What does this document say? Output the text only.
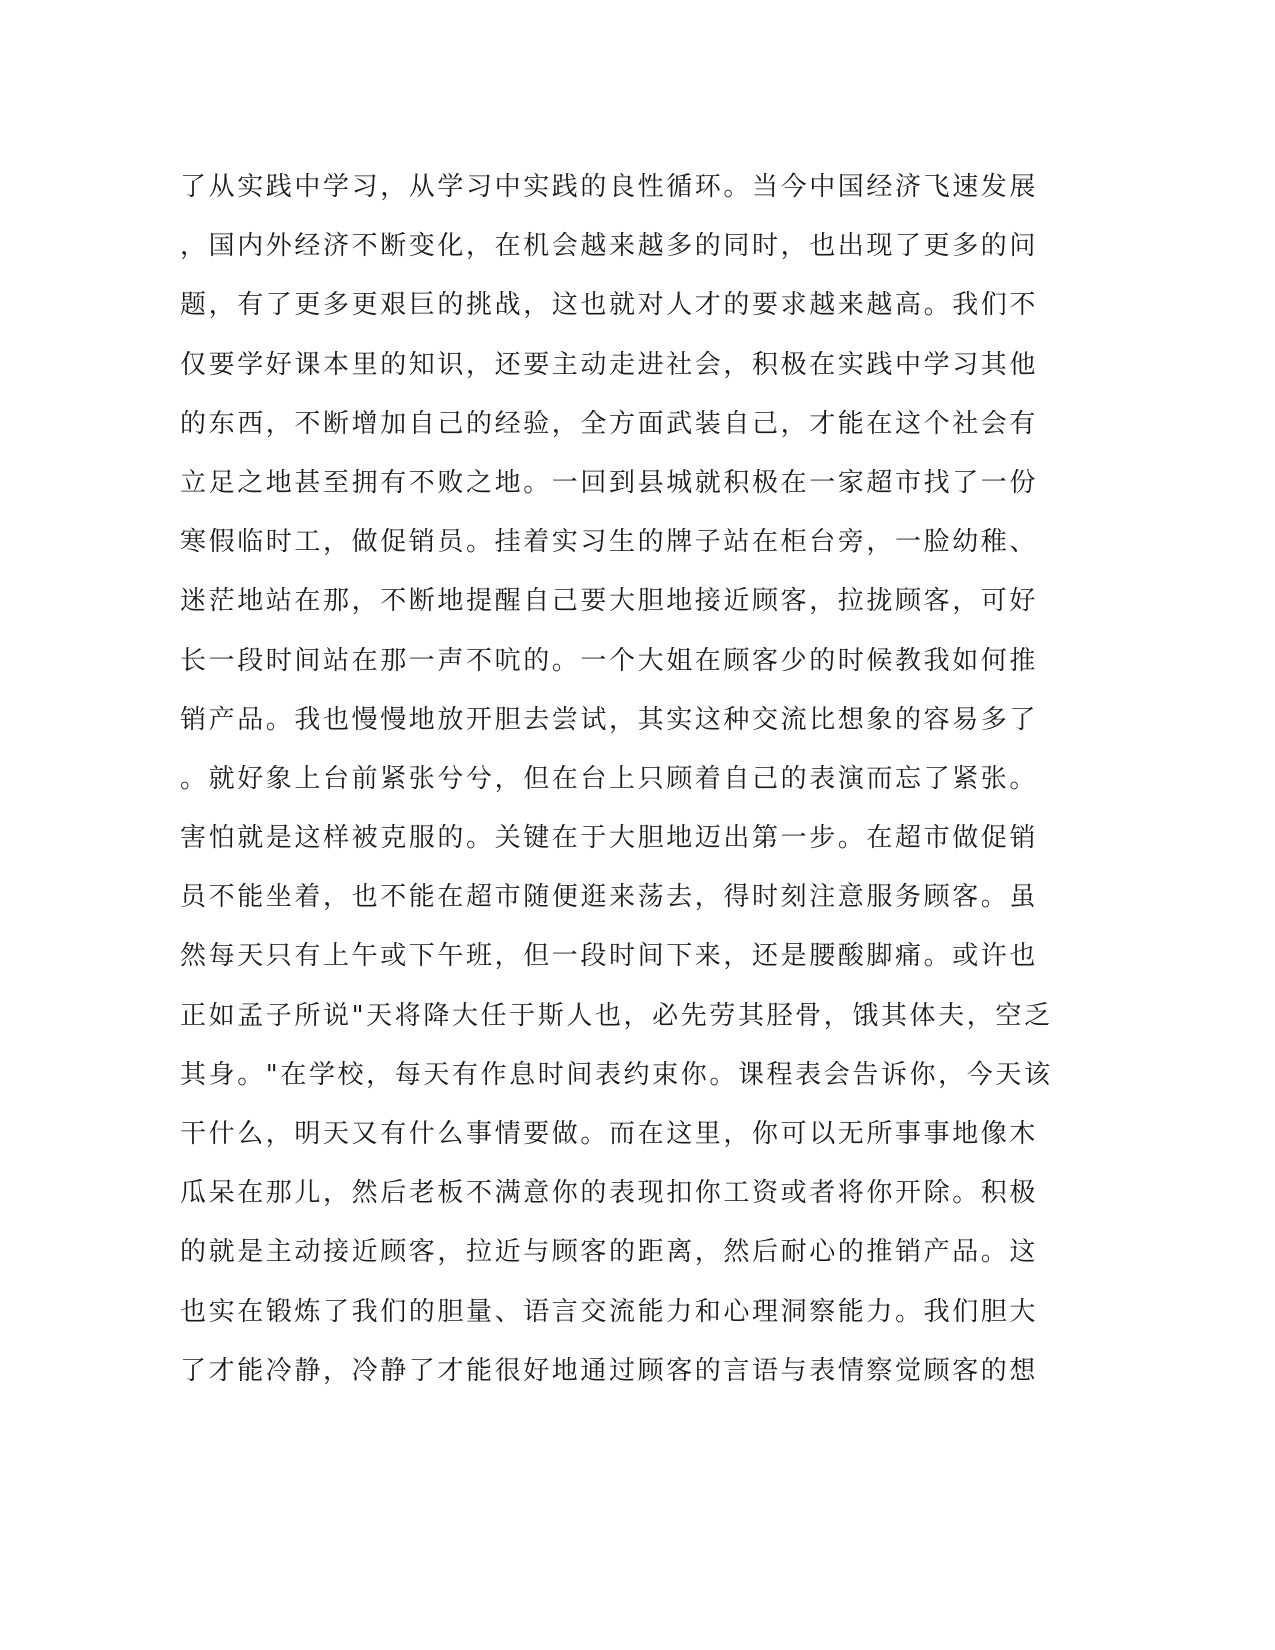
了从实践中学习，从学习中实践的良性循环。当今中国经济飞速发展
，国内外经济不断变化，在机会越来越多的同时，也出现了更多的问
题，有了更多更艰巨的挑战，这也就对人才的要求越来越高。我们不
仅要学好课本里的知识，还要主动走进社会，积极在实践中学习其他
的东西，不断增加自己的经验，全方面武装自己，才能在这个社会有
立足之地甚至拥有不败之地。一回到县城就积极在一家超市找了一份
寒假临时工，做促销员。挂着实习生的牌子站在柜台旁，一脸幼稚、
迷茫地站在那，不断地提醒自己要大胆地接近顾客，拉拢顾客，可好
长一段时间站在那一声不吭的。一个大姐在顾客少的时候教我如何推
销产品。我也慢慢地放开胆去尝试，其实这种交流比想象的容易多了
。就好象上台前紧张兮兮，但在台上只顾着自己的表演而忘了紧张。
害怕就是这样被克服的。关键在于大胆地迈出第一步。在超市做促销
员不能坐着，也不能在超市随便逛来荡去，得时刻注意服务顾客。虽
然每天只有上午或下午班，但一段时间下来，还是腰酸脚痛。或许也
正如孟子所说"天将降大任于斯人也，必先劳其胫骨，饿其体夫，空乏
其身。"在学校，每天有作息时间表约束你。课程表会告诉你，今天该
干什么，明天又有什么事情要做。而在这里，你可以无所事事地像木
瓜呆在那儿，然后老板不满意你的表现扣你工资或者将你开除。积极
的就是主动接近顾客，拉近与顾客的距离，然后耐心的推销产品。这
也实在锻炼了我们的胆量、语言交流能力和心理洞察能力。我们胆大
了才能冷静，冷静了才能很好地通过顾客的言语与表情察觉顾客的想
